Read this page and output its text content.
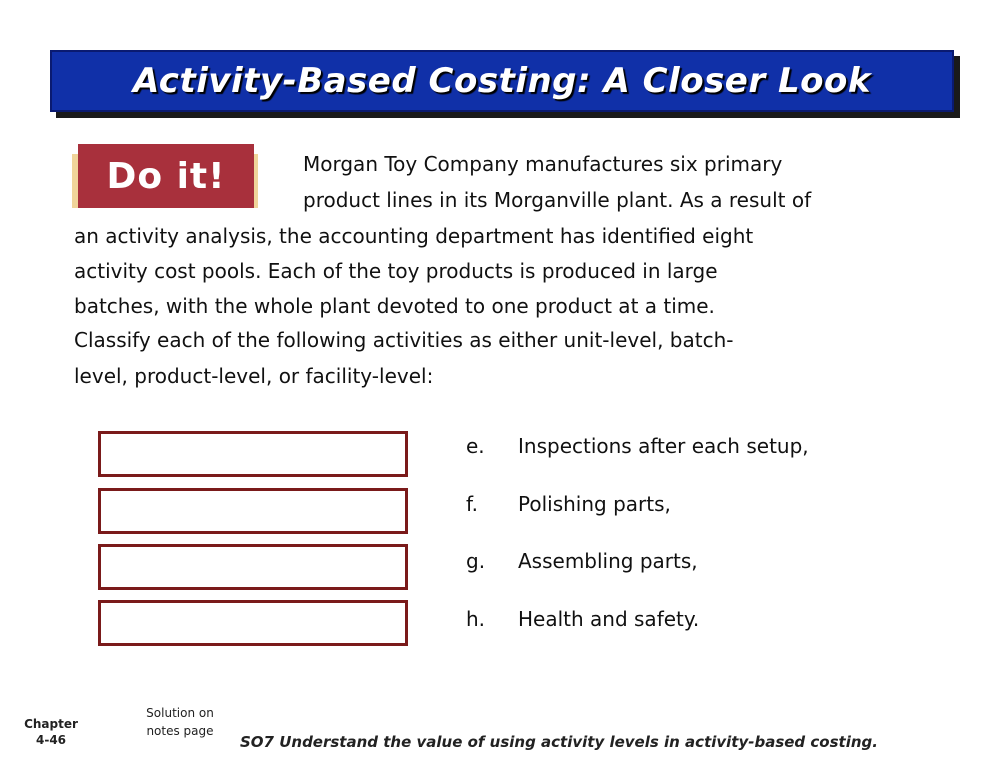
Activity-Based Costing: A Closer Look
Do it!	Morgan Toy Company manufactures six primary
product lines in its Morganville plant. As a result of
an activity analysis, the accounting department has identified eight
activity cost pools. Each of the toy products is produced in large
batches, with the whole plant devoted to one product at a time.
Classify each of the following activities as either unit-level, batch-
level, product-level, or facility-level:
e. Inspections after each setup,
f. Polishing parts,
g. Assembling parts,
h. Health and safety.
Chapter
4-46
Solution on
notes page
SO7 Understand the value of using activity levels in activity-based costing.
